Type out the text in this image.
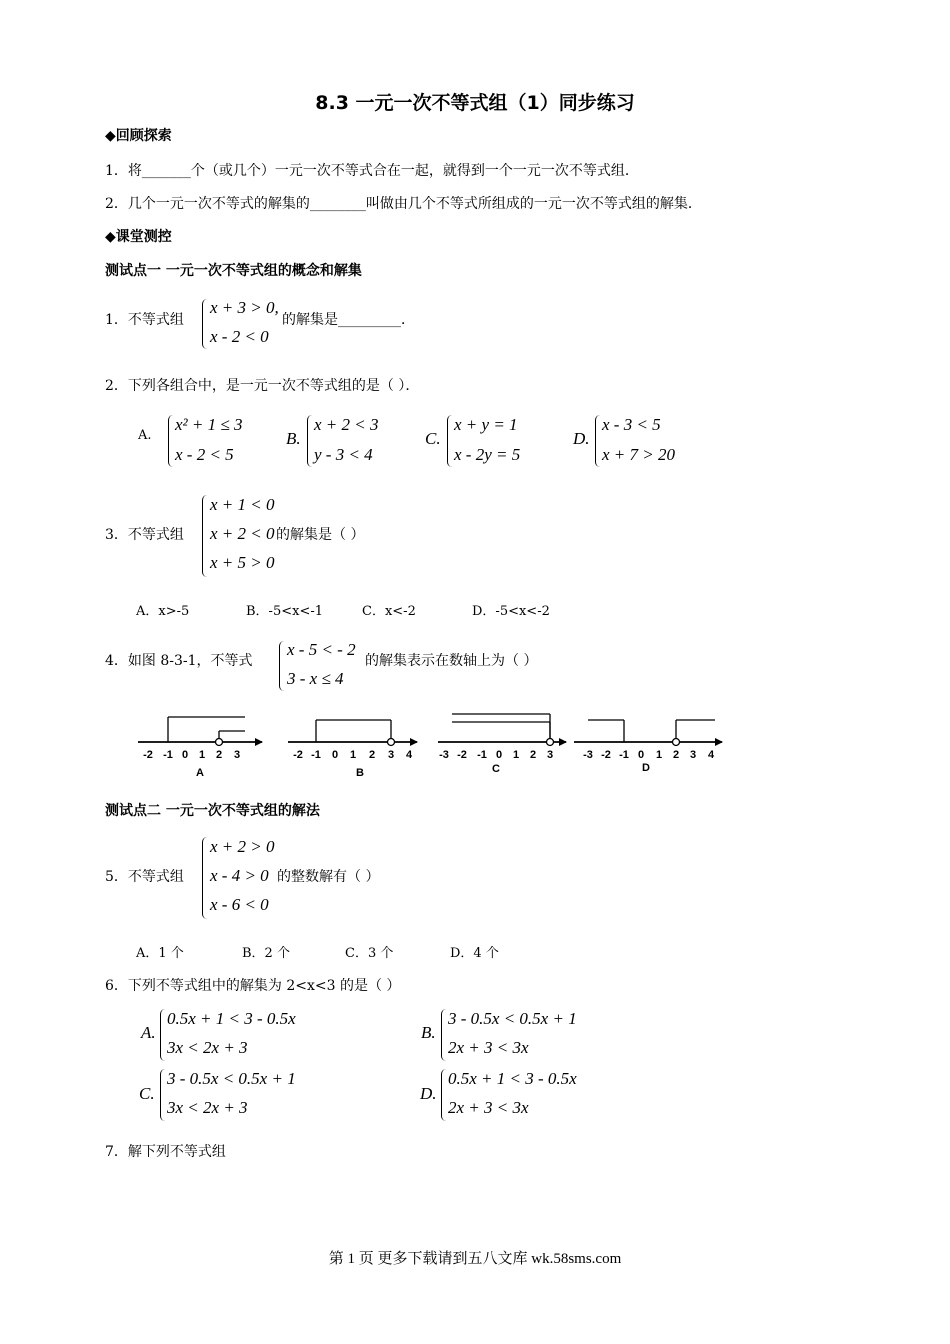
8.3 一元一次不等式组（1）同步练习
◆回顾探索
1．将_______个（或几个）一元一次不等式合在一起，就得到一个一元一次不等式组．
2．几个一元一次不等式的解集的________叫做由几个不等式所组成的一元一次不等式组的解集．
◆课堂测控
测试点一 一元一次不等式组的概念和解集
1．不等式组
x + 3 > 0,
x - 2 < 0
的解集是_________．
2．下列各组合中，是一元一次不等式组的是（ ）．
A.
x² + 1 ≤ 3
x - 2 < 5
B.
x + 2 < 3
y - 3 < 4
C.
x + y = 1
x - 2y = 5
D.
x - 3 < 5
x + 7 > 20
3．不等式组
x + 1 < 0
x + 2 < 0
x + 5 > 0
的解集是（ ）
A．x>-5	B．-5<x<-1	C．x<-2	D．-5<x<-2
4．如图 8-3-1，不等式
x - 5 < - 2
3 - x ≤ 4
的解集表示在数轴上为（ ）
-2 -1 0 1 2 3
A
-2 -1 0 1 2 3 4
B
-3 -2 -1 0 1 2 3
C
-3 -2 -1 0 1 2 3 4
D
测试点二 一元一次不等式组的解法
5．不等式组
x + 2 > 0
x - 4 > 0
x - 6 < 0
的整数解有（ ）
A．1 个	B．2 个	C．3 个	D．4 个
6．下列不等式组中的解集为 2<x<3 的是（ ）
A.
0.5x + 1 < 3 - 0.5x
3x < 2x + 3
B.
3 - 0.5x < 0.5x + 1
2x + 3 < 3x
C.
3 - 0.5x < 0.5x + 1
3x < 2x + 3
D.
0.5x + 1 < 3 - 0.5x
2x + 3 < 3x
7．解下列不等式组
第 1 页 更多下载请到五八文库 wk.58sms.com
